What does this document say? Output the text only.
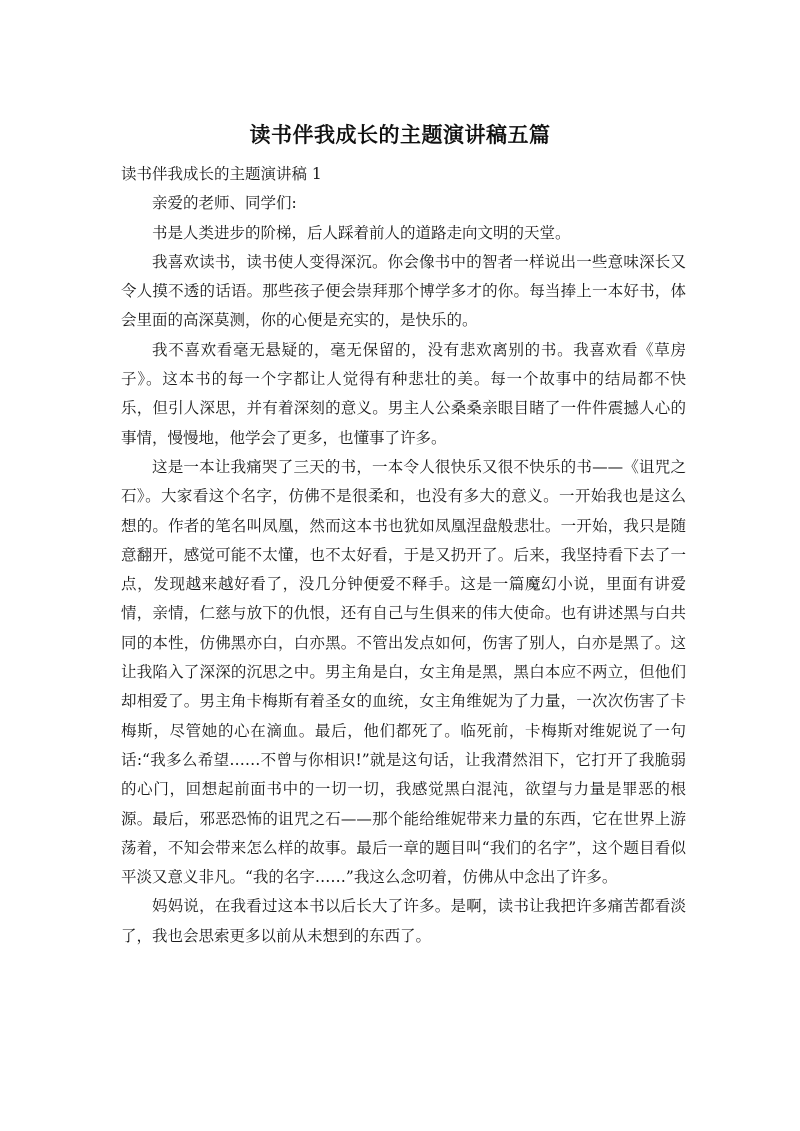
读书伴我成长的主题演讲稿五篇

读书伴我成长的主题演讲稿 1

亲爱的老师、同学们:

书是人类进步的阶梯，后人踩着前人的道路走向文明的天堂。

我喜欢读书，读书使人变得深沉。你会像书中的智者一样说出一些意味深长又令人摸不透的话语。那些孩子便会崇拜那个博学多才的你。每当捧上一本好书，体会里面的高深莫测，你的心便是充实的，是快乐的。

我不喜欢看毫无悬疑的，毫无保留的，没有悲欢离别的书。我喜欢看《草房子》。这本书的每一个字都让人觉得有种悲壮的美。每一个故事中的结局都不快乐，但引人深思，并有着深刻的意义。男主人公桑桑亲眼目睹了一件件震撼人心的事情，慢慢地，他学会了更多，也懂事了许多。

这是一本让我痛哭了三天的书，一本令人很快乐又很不快乐的书——《诅咒之石》。大家看这个名字，仿佛不是很柔和，也没有多大的意义。一开始我也是这么想的。作者的笔名叫凤凰，然而这本书也犹如凤凰涅盘般悲壮。一开始，我只是随意翻开，感觉可能不太懂，也不太好看，于是又扔开了。后来，我坚持看下去了一点，发现越来越好看了，没几分钟便爱不释手。这是一篇魔幻小说，里面有讲爱情，亲情，仁慈与放下的仇恨，还有自己与生俱来的伟大使命。也有讲述黑与白共同的本性，仿佛黑亦白，白亦黑。不管出发点如何，伤害了别人，白亦是黑了。这让我陷入了深深的沉思之中。男主角是白，女主角是黑，黑白本应不两立，但他们却相爱了。男主角卡梅斯有着圣女的血统，女主角维妮为了力量，一次次伤害了卡梅斯，尽管她的心在滴血。最后，他们都死了。临死前，卡梅斯对维妮说了一句话:“我多么希望……不曾与你相识!”就是这句话，让我潸然泪下，它打开了我脆弱的心门，回想起前面书中的一切一切，我感觉黑白混沌，欲望与力量是罪恶的根源。最后，邪恶恐怖的诅咒之石——那个能给维妮带来力量的东西，它在世界上游荡着，不知会带来怎么样的故事。最后一章的题目叫“我们的名字”，这个题目看似平淡又意义非凡。“我的名字……”我这么念叨着，仿佛从中念出了许多。

妈妈说，在我看过这本书以后长大了许多。是啊，读书让我把许多痛苦都看淡了，我也会思索更多以前从未想到的东西了。
